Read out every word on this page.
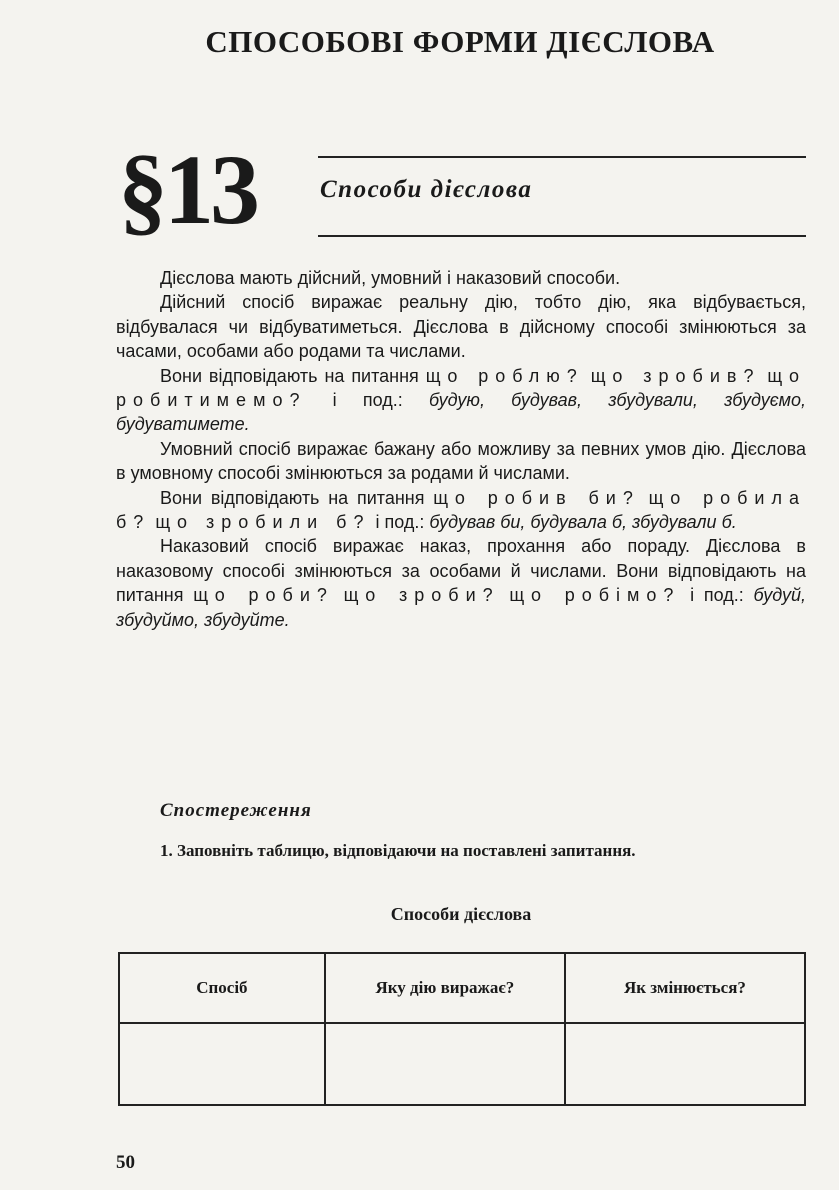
СПОСОБОВІ ФОРМИ ДІЄСЛОВА
§13	Способи дієслова

Дієслова мають дійсний, умовний і наказовий способи.

Дійсний спосіб виражає реальну дію, тобто дію, яка відбувається, відбувалася чи відбуватиметься. Дієслова в дійсному способі змінюються за часами, особами або родами та числами.

Вони відповідають на питання що роблю? що зробив? що робитимемо? і под.: будую, будував, збудували, збудуємо, будуватимете.

Умовний спосіб виражає бажану або можливу за певних умов дію. Дієслова в умовному способі змінюються за родами й числами.

Вони відповідають на питання що робив би? що робила б? що зробили б? і под.: будував би, будувала б, збудували б.

Наказовий спосіб виражає наказ, прохання або пораду. Дієслова в наказовому способі змінюються за особами й числами. Вони відповідають на питання що роби? що зроби? що робімо? і под.: будуй, збудуймо, збудуйте.

Спостереження

1. Заповніть таблицю, відповідаючи на поставлені запитання.

Способи дієслова
Спосіб	Яку дію виражає?	Як змінюється?

50
